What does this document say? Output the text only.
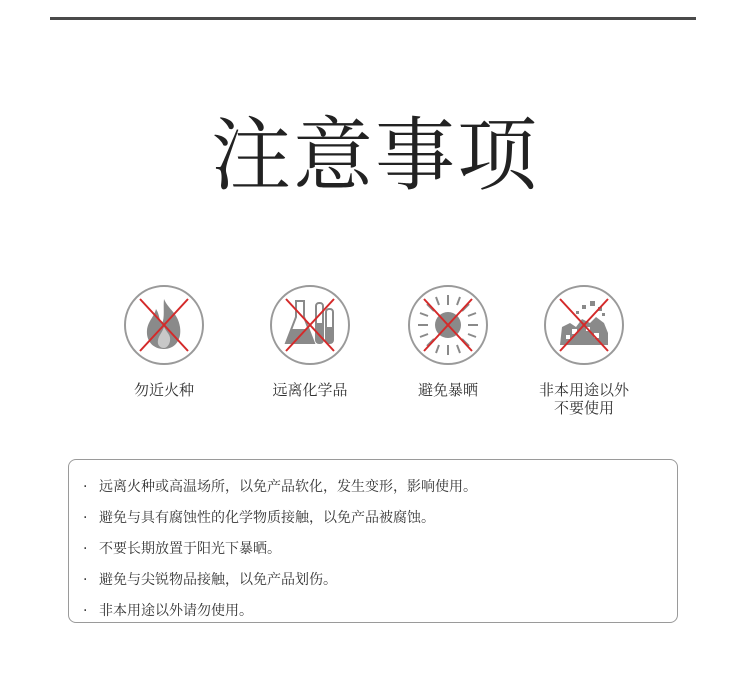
注意事项
勿近火种	远离化学品	避免暴晒	非本用途以外
不要使用
· 远离火种或高温场所，以免产品软化，发生变形，影响使用。
· 避免与具有腐蚀性的化学物质接触，以免产品被腐蚀。
· 不要长期放置于阳光下暴晒。
· 避免与尖锐物品接触，以免产品划伤。
· 非本用途以外请勿使用。
